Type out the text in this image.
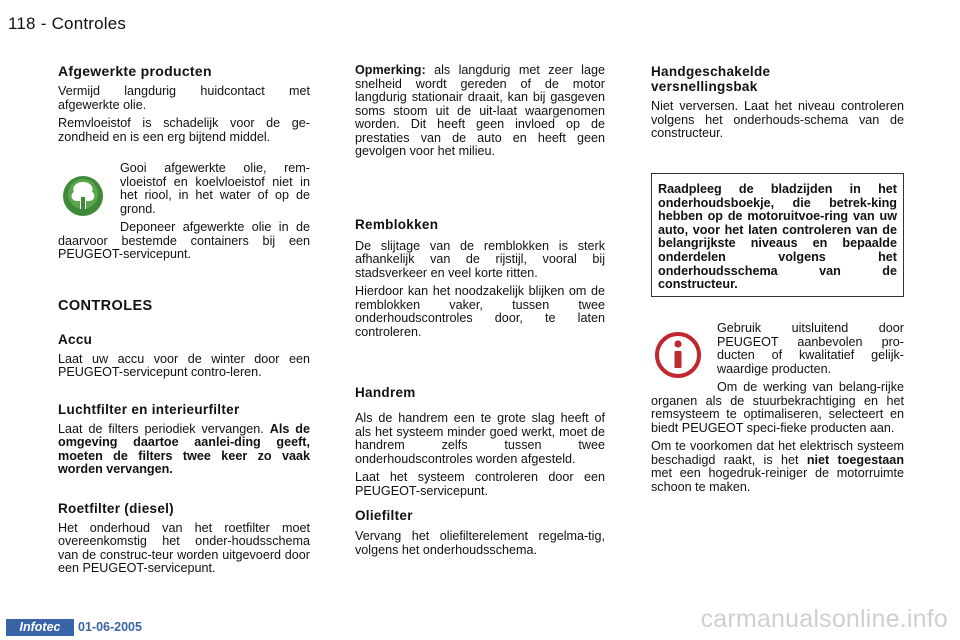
118 - Controles
Afgewerkte producten

Vermijd langdurig huidcontact met afgewerkte olie.

Remvloeistof is schadelijk voor de ge-zondheid en is een erg bijtend middel.

Gooi afgewerkte olie, rem-vloeistof en koelvloeistof niet in het riool, in het water of op de grond.

Deponeer afgewerkte olie in de daarvoor bestemde containers bij een PEUGEOT-servicepunt.

CONTROLES
Accu

Laat uw accu voor de winter door een PEUGEOT-servicepunt contro-leren.

Luchtfilter en interieurfilter

Laat de filters periodiek vervangen. Als de omgeving daartoe aanlei-ding geeft, moeten de filters twee keer zo vaak worden vervangen.

Roetfilter (diesel)

Het onderhoud van het roetfilter moet overeenkomstig het onder-houdsschema van de construc-teur worden uitgevoerd door een PEUGEOT-servicepunt.

Opmerking: als langdurig met zeer lage snelheid wordt gereden of de motor langdurig stationair draait, kan bij gasgeven soms stoom uit de uit-laat waargenomen worden. Dit heeft geen invloed op de prestaties van de auto en heeft geen gevolgen voor het milieu.

Remblokken

De slijtage van de remblokken is sterk afhankelijk van de rijstijl, vooral bij stadsverkeer en veel korte ritten.

Hierdoor kan het noodzakelijk blijken om de remblokken vaker, tussen twee onderhoudscontroles door, te laten controleren.

Handrem

Als de handrem een te grote slag heeft of als het systeem minder goed werkt, moet de handrem zelfs tussen twee onderhoudscontroles worden afgesteld.

Laat het systeem controleren door een PEUGEOT-servicepunt.

Oliefilter

Vervang het oliefilterelement regelma-tig, volgens het onderhoudsschema.

Handgeschakelde versnellingsbak

Niet verversen. Laat het niveau controleren volgens het onderhouds-schema van de constructeur.

Raadpleeg de bladzijden in het onderhoudsboekje, die betrek-king hebben op de motoruitvoe-ring van uw auto, voor het laten controleren van de belangrijkste niveaus en bepaalde onderdelen volgens het onderhoudsschema van de constructeur.

Gebruik uitsluitend door PEUGEOT aanbevolen pro-ducten of kwalitatief gelijk-waardige producten.

Om de werking van belang-rijke organen als de stuurbekrachtiging en het remsysteem te optimaliseren, selecteert en biedt PEUGEOT speci-fieke producten aan.

Om te voorkomen dat het elektrisch systeem beschadigd raakt, is het niet toegestaan met een hogedruk-reiniger de motorruimte schoon te maken.

Infotec	01-06-2005	carmanualsonline.info
